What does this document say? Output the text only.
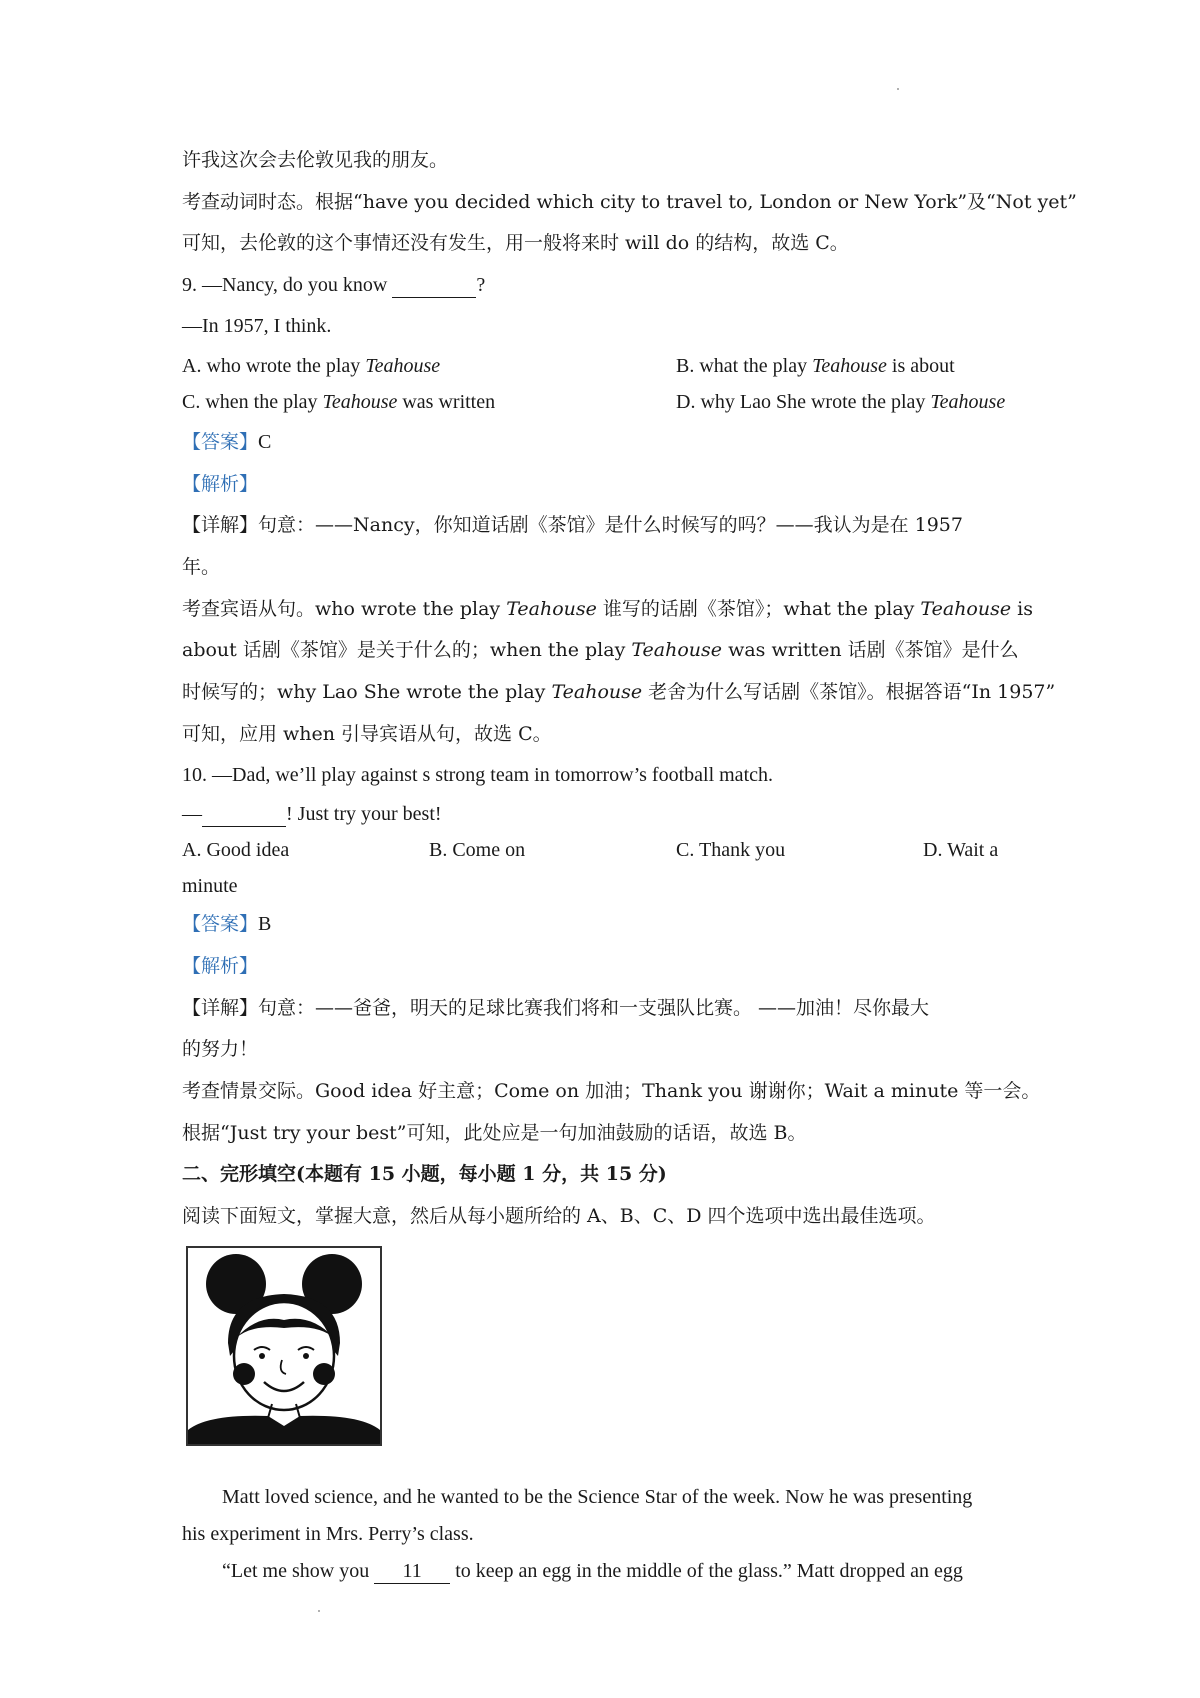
许我这次会去伦敦见我的朋友。
考查动词时态。根据“have you decided which city to travel to, London or New York”及“Not yet”
可知，去伦敦的这个事情还没有发生，用一般将来时 will do 的结构，故选 C。
9. —Nancy, do you know	?
—In 1957, I think.
A. who wrote the play Teahouse	B. what the play Teahouse is about
C. when the play Teahouse was written	D. why Lao She wrote the play Teahouse
【答案】C
【解析】
【详解】句意：——Nancy，你知道话剧《茶馆》是什么时候写的吗？——我认为是在 1957
年。
考查宾语从句。who wrote the play Teahouse 谁写的话剧《茶馆》；what the play Teahouse is
about 话剧《茶馆》是关于什么的；when the play Teahouse was written 话剧《茶馆》是什么
时候写的；why Lao She wrote the play Teahouse 老舍为什么写话剧《茶馆》。根据答语“In 1957”
可知，应用 when 引导宾语从句，故选 C。
10. —Dad, we’ll play against s strong team in tomorrow’s football match.
—	! Just try your best!
A. Good idea	B. Come on	C. Thank you	D. Wait a
minute
【答案】B
【解析】
【详解】句意：——爸爸，明天的足球比赛我们将和一支强队比赛。 ——加油！尽你最大
的努力！
考查情景交际。Good idea 好主意；Come on 加油；Thank you 谢谢你；Wait a minute 等一会。
根据“Just try your best”可知，此处应是一句加油鼓励的话语，故选 B。
二、完形填空(本题有 15 小题，每小题 1 分，共 15 分)
阅读下面短文，掌握大意，然后从每小题所给的 A、B、C、D 四个选项中选出最佳选项。
Matt loved science, and he wanted to be the Science Star of the week. Now he was presenting
his experiment in Mrs. Perry’s class.
“Let me show you 11 to keep an egg in the middle of the glass.” Matt dropped an egg
